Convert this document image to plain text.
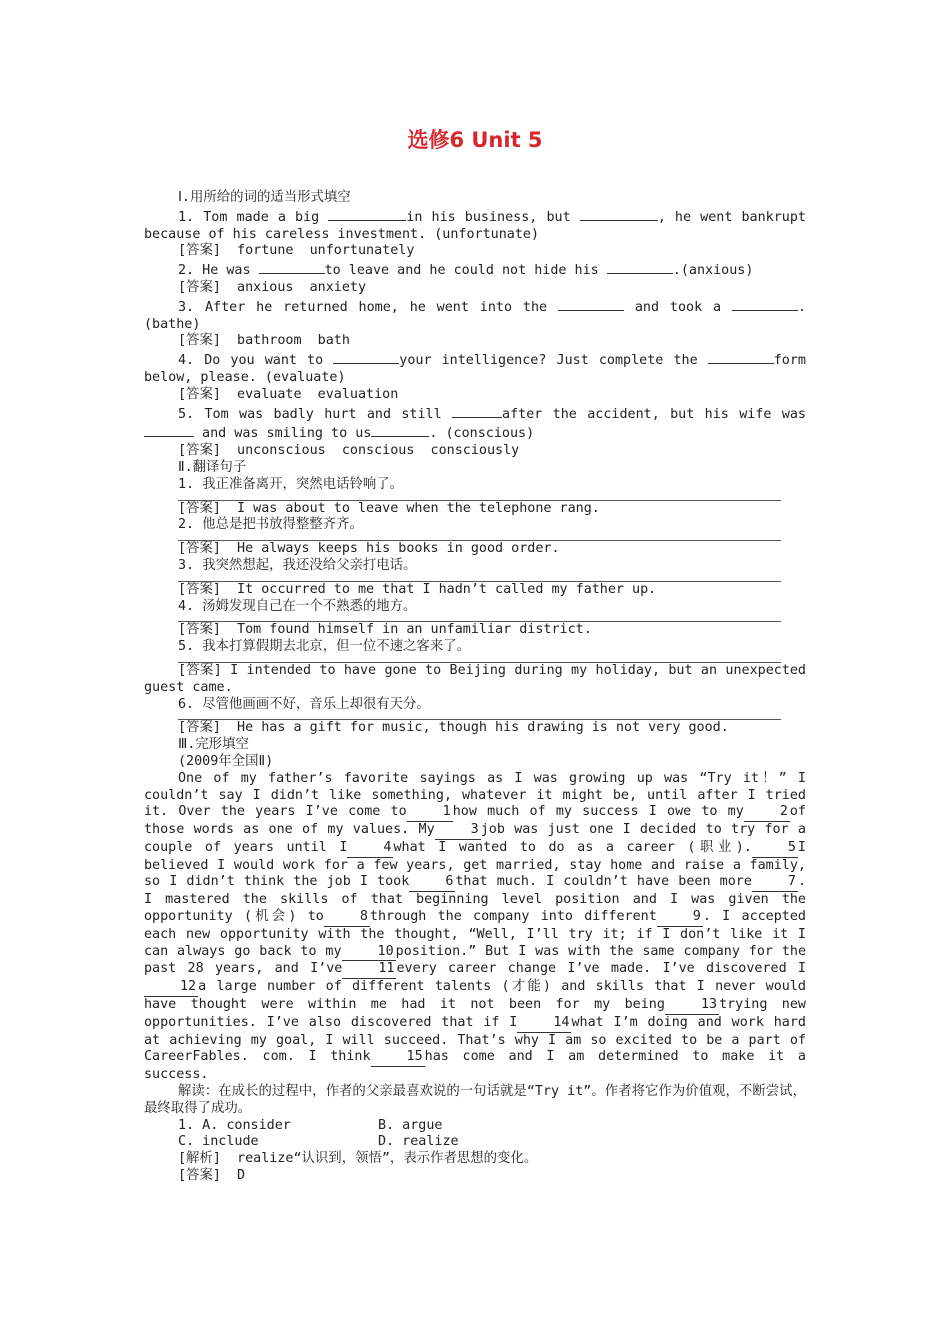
选修6 Unit 5
Ⅰ.用所给的词的适当形式填空
1. Tom made a big	in his business, but	, he went bankrupt because of his careless investment. (unfortunate)
[答案]  fortune  unfortunately
2. He was	to leave and he could not hide his	.(anxious)
[答案]  anxious  anxiety
3. After he returned home, he went into the	and took a	. (bathe)
[答案]  bathroom  bath
4. Do you want to	your intelligence? Just complete the	form below, please. (evaluate)
[答案]  evaluate  evaluation
5. Tom was badly hurt and still	after the accident, but his wife was  and was smiling to us	. (conscious)
[答案]  unconscious  conscious  consciously
Ⅱ.翻译句子
1. 我正准备离开，突然电话铃响了。
[答案]  I was about to leave when the telephone rang.
2. 他总是把书放得整整齐齐。
[答案]  He always keeps his books in good order.
3. 我突然想起，我还没给父亲打电话。
[答案]  It occurred to me that I hadn’t called my father up.
4. 汤姆发现自己在一个不熟悉的地方。
[答案]  Tom found himself in an unfamiliar district.
5. 我本打算假期去北京，但一位不速之客来了。
[答案] I intended to have gone to Beijing during my holiday, but an unexpected guest came.
6. 尽管他画画不好，音乐上却很有天分。
[答案]  He has a gift for music, though his drawing is not very good.
Ⅲ.完形填空
(2009年全国Ⅱ)
One of my father’s favorite sayings as I was growing up was “Try it！” I couldn’t say I didn’t like something, whatever it might be, until after I tried it. Over the years I’ve come to	1 how much of my success I owe to my	2 of those words as one of my values. My	3 job was just one I decided to try for a couple of years until I	4 what I wanted to do as a career (职业).	5 I believed I would work for a few years, get married, stay home and raise a family, so I didn’t think the job I took	6 that much. I couldn’t have been more	7 . I mastered the skills of that beginning level position and I was given the opportunity (机会) to	8 through the company into different	9 . I accepted each new opportunity with the thought, “Well, I’ll try it; if I don’t like it I can always go back to my	10 position.” But I was with the same company for the past 28 years, and I’ve	11 every career change I’ve made. I’ve discovered I12 a large number of different talents (才能) and skills that I never would have thought were within me had it not been for my being	13 trying new opportunities. I’ve also discovered that if I	14 what I’m doing and work hard at achieving my goal, I will succeed. That’s why I am so excited to be a part of CareerFables. com. I think	15 has come and I am determined to make it a success.
解读：在成长的过程中，作者的父亲最喜欢说的一句话就是“Try it”。作者将它作为价值观，不断尝试，最终取得了成功。
1. A. consider	B. argue
C. include	D. realize
[解析]  realize“认识到，领悟”，表示作者思想的变化。
[答案]  D
